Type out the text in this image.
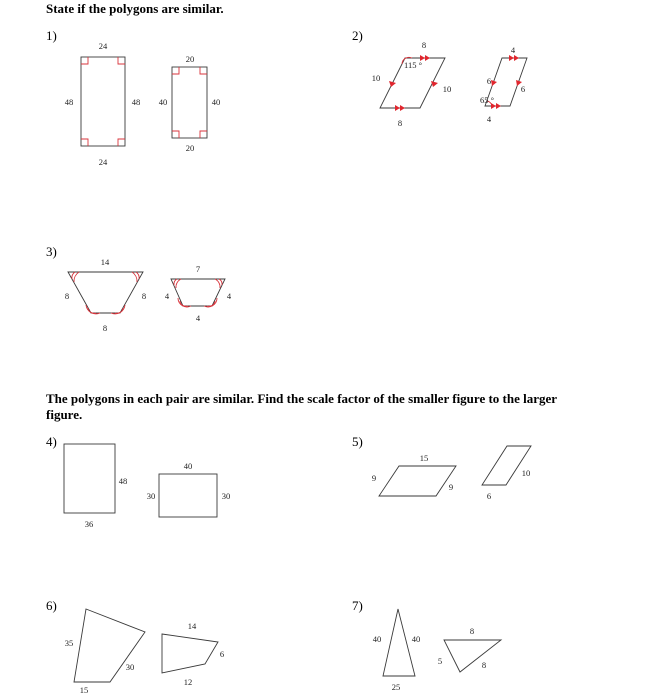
State if the polygons are similar.
1)	2)
3)
The polygons in each pair are similar. Find the scale factor of the smaller figure to the larger
figure.
4)	5)
6)	7)
24
24
48	48
20
20
40	40
8
8
10
10
115 °
4
4
6
6
65 °
14
8
8	8
7
4
4	4
48
36
40
30	30
15
9
9
10
6
35
15
30
14
6
12
40	40
25
8
5	8
